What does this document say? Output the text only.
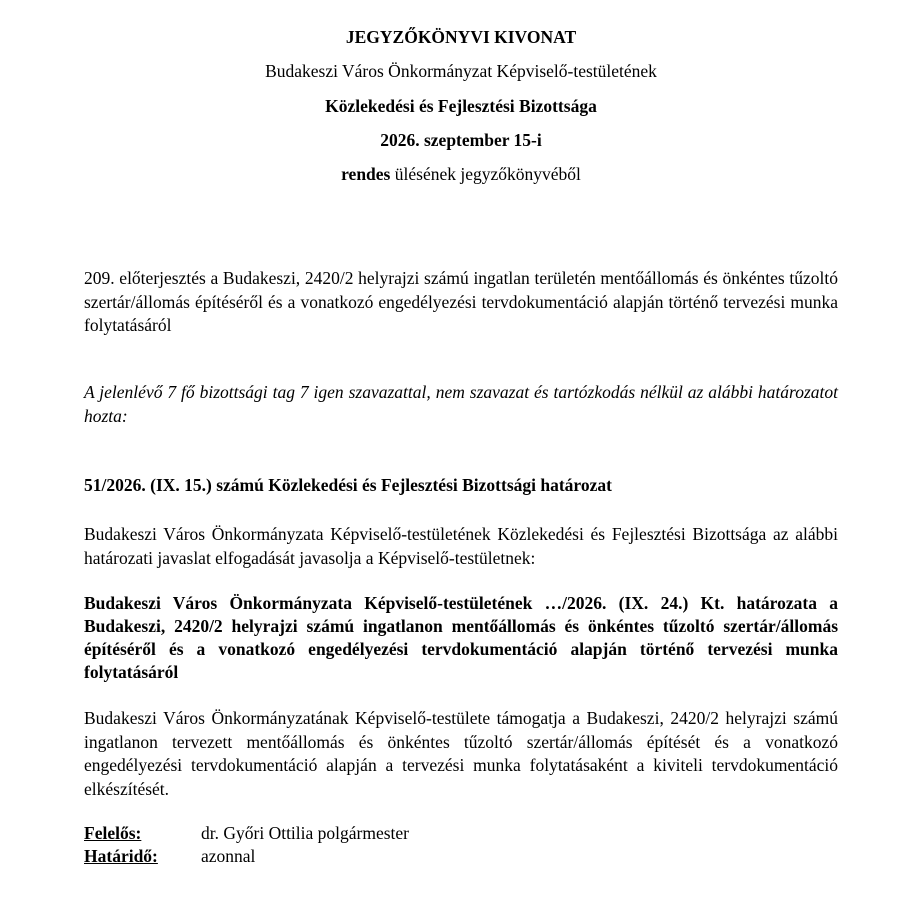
JEGYZŐKÖNYVI KIVONAT
Budakeszi Város Önkormányzat Képviselő-testületének
Közlekedési és Fejlesztési Bizottsága
2026. szeptember 15-i
rendes ülésének jegyzőkönyvéből
209. előterjesztés a Budakeszi, 2420/2 helyrajzi számú ingatlan területén mentőállomás és önkéntes tűzoltó szertár/állomás építéséről és a vonatkozó engedélyezési tervdokumentáció alapján történő tervezési munka folytatásáról
A jelenlévő 7 fő bizottsági tag 7 igen szavazattal, nem szavazat és tartózkodás nélkül az alábbi határozatot hozta:
51/2026. (IX. 15.) számú Közlekedési és Fejlesztési Bizottsági határozat
Budakeszi Város Önkormányzata Képviselő-testületének Közlekedési és Fejlesztési Bizottsága az alábbi határozati javaslat elfogadását javasolja a Képviselő-testületnek:
Budakeszi Város Önkormányzata Képviselő-testületének …/2026. (IX. 24.) Kt. határozata a Budakeszi, 2420/2 helyrajzi számú ingatlanon mentőállomás és önkéntes tűzoltó szertár/állomás építéséről és a vonatkozó engedélyezési tervdokumentáció alapján történő tervezési munka folytatásáról
Budakeszi Város Önkormányzatának Képviselő-testülete támogatja a Budakeszi, 2420/2 helyrajzi számú ingatlanon tervezett mentőállomás és önkéntes tűzoltó szertár/állomás építését és a vonatkozó engedélyezési tervdokumentáció alapján a tervezési munka folytatásaként a kiviteli tervdokumentáció elkészítését.
Felelős:	dr. Győri Ottilia polgármester
Határidő: azonnal
